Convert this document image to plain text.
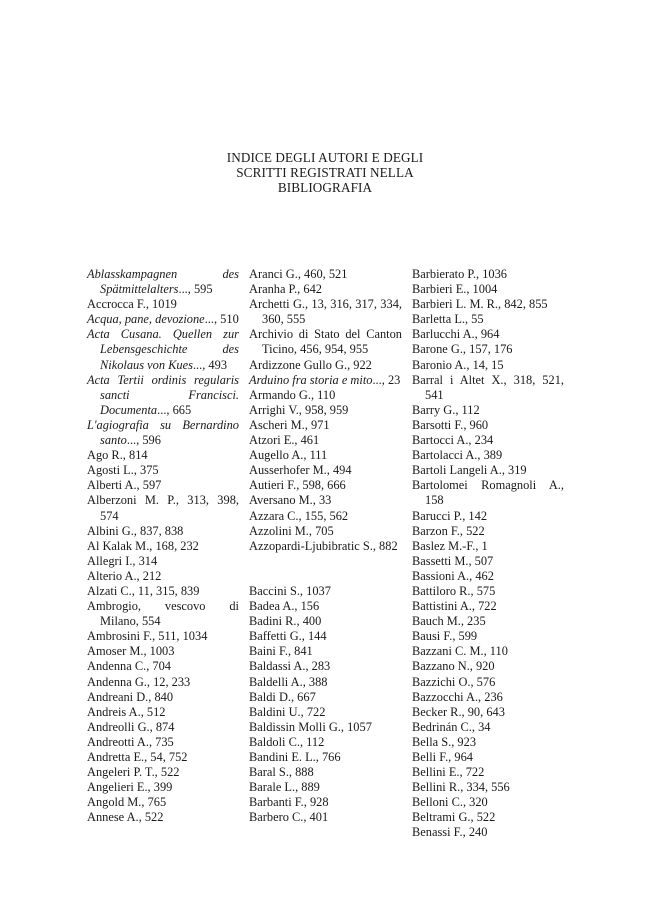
INDICE DEGLI AUTORI E DEGLI
SCRITTI REGISTRATI NELLA
BIBLIOGRAFIA
Ablasskampagnen des Spätmittelalters..., 595
Accrocca F., 1019
Acqua, pane, devozione..., 510
Acta Cusana. Quellen zur Lebensgeschichte des Nikolaus von Kues..., 493
Acta Tertii ordinis regularis sancti Francisci. Documenta..., 665
L'agiografia su Bernardino santo..., 596
Ago R., 814
Agosti L., 375
Alberti A., 597
Alberzoni M. P., 313, 398, 574
Albini G., 837, 838
Al Kalak M., 168, 232
Allegri I., 314
Alterio A., 212
Alzati C., 11, 315, 839
Ambrogio, vescovo di Milano, 554
Ambrosini F., 511, 1034
Amoser M., 1003
Andenna C., 704
Andenna G., 12, 233
Andreani D., 840
Andreis A., 512
Andreolli G., 874
Andreotti A., 735
Andretta E., 54, 752
Angeleri P. T., 522
Angelieri E., 399
Angold M., 765
Annese A., 522
Aranci G., 460, 521
Aranha P., 642
Archetti G., 13, 316, 317, 334, 360, 555
Archivio di Stato del Canton Ticino, 456, 954, 955
Ardizzone Gullo G., 922
Arduino fra storia e mito..., 23
Armando G., 110
Arrighi V., 958, 959
Ascheri M., 971
Atzori E., 461
Augello A., 111
Ausserhofer M., 494
Autieri F., 598, 666
Aversano M., 33
Azzara C., 155, 562
Azzolini M., 705
Azzopardi-Ljubibratic S., 882
Baccini S., 1037
Badea A., 156
Badini R., 400
Baffetti G., 144
Baini F., 841
Baldassi A., 283
Baldelli A., 388
Baldi D., 667
Baldini U., 722
Baldissin Molli G., 1057
Baldoli C., 112
Bandini E. L., 766
Baral S., 888
Barale L., 889
Barbanti F., 928
Barbero C., 401
Barbierato P., 1036
Barbieri E., 1004
Barbieri L. M. R., 842, 855
Barletta L., 55
Barlucchi A., 964
Barone G., 157, 176
Baronio A., 14, 15
Barral i Altet X., 318, 521, 541
Barry G., 112
Barsotti F., 960
Bartocci A., 234
Bartolacci A., 389
Bartoli Langeli A., 319
Bartolomei Romagnoli A., 158
Barucci P., 142
Barzon F., 522
Baslez M.-F., 1
Bassetti M., 507
Bassioni A., 462
Battiloro R., 575
Battistini A., 722
Bauch M., 235
Bausi F., 599
Bazzani C. M., 110
Bazzano N., 920
Bazzichi O., 576
Bazzocchi A., 236
Becker R., 90, 643
Bedrinán C., 34
Bella S., 923
Belli F., 964
Bellini E., 722
Bellini R., 334, 556
Belloni C., 320
Beltrami G., 522
Benassi F., 240
